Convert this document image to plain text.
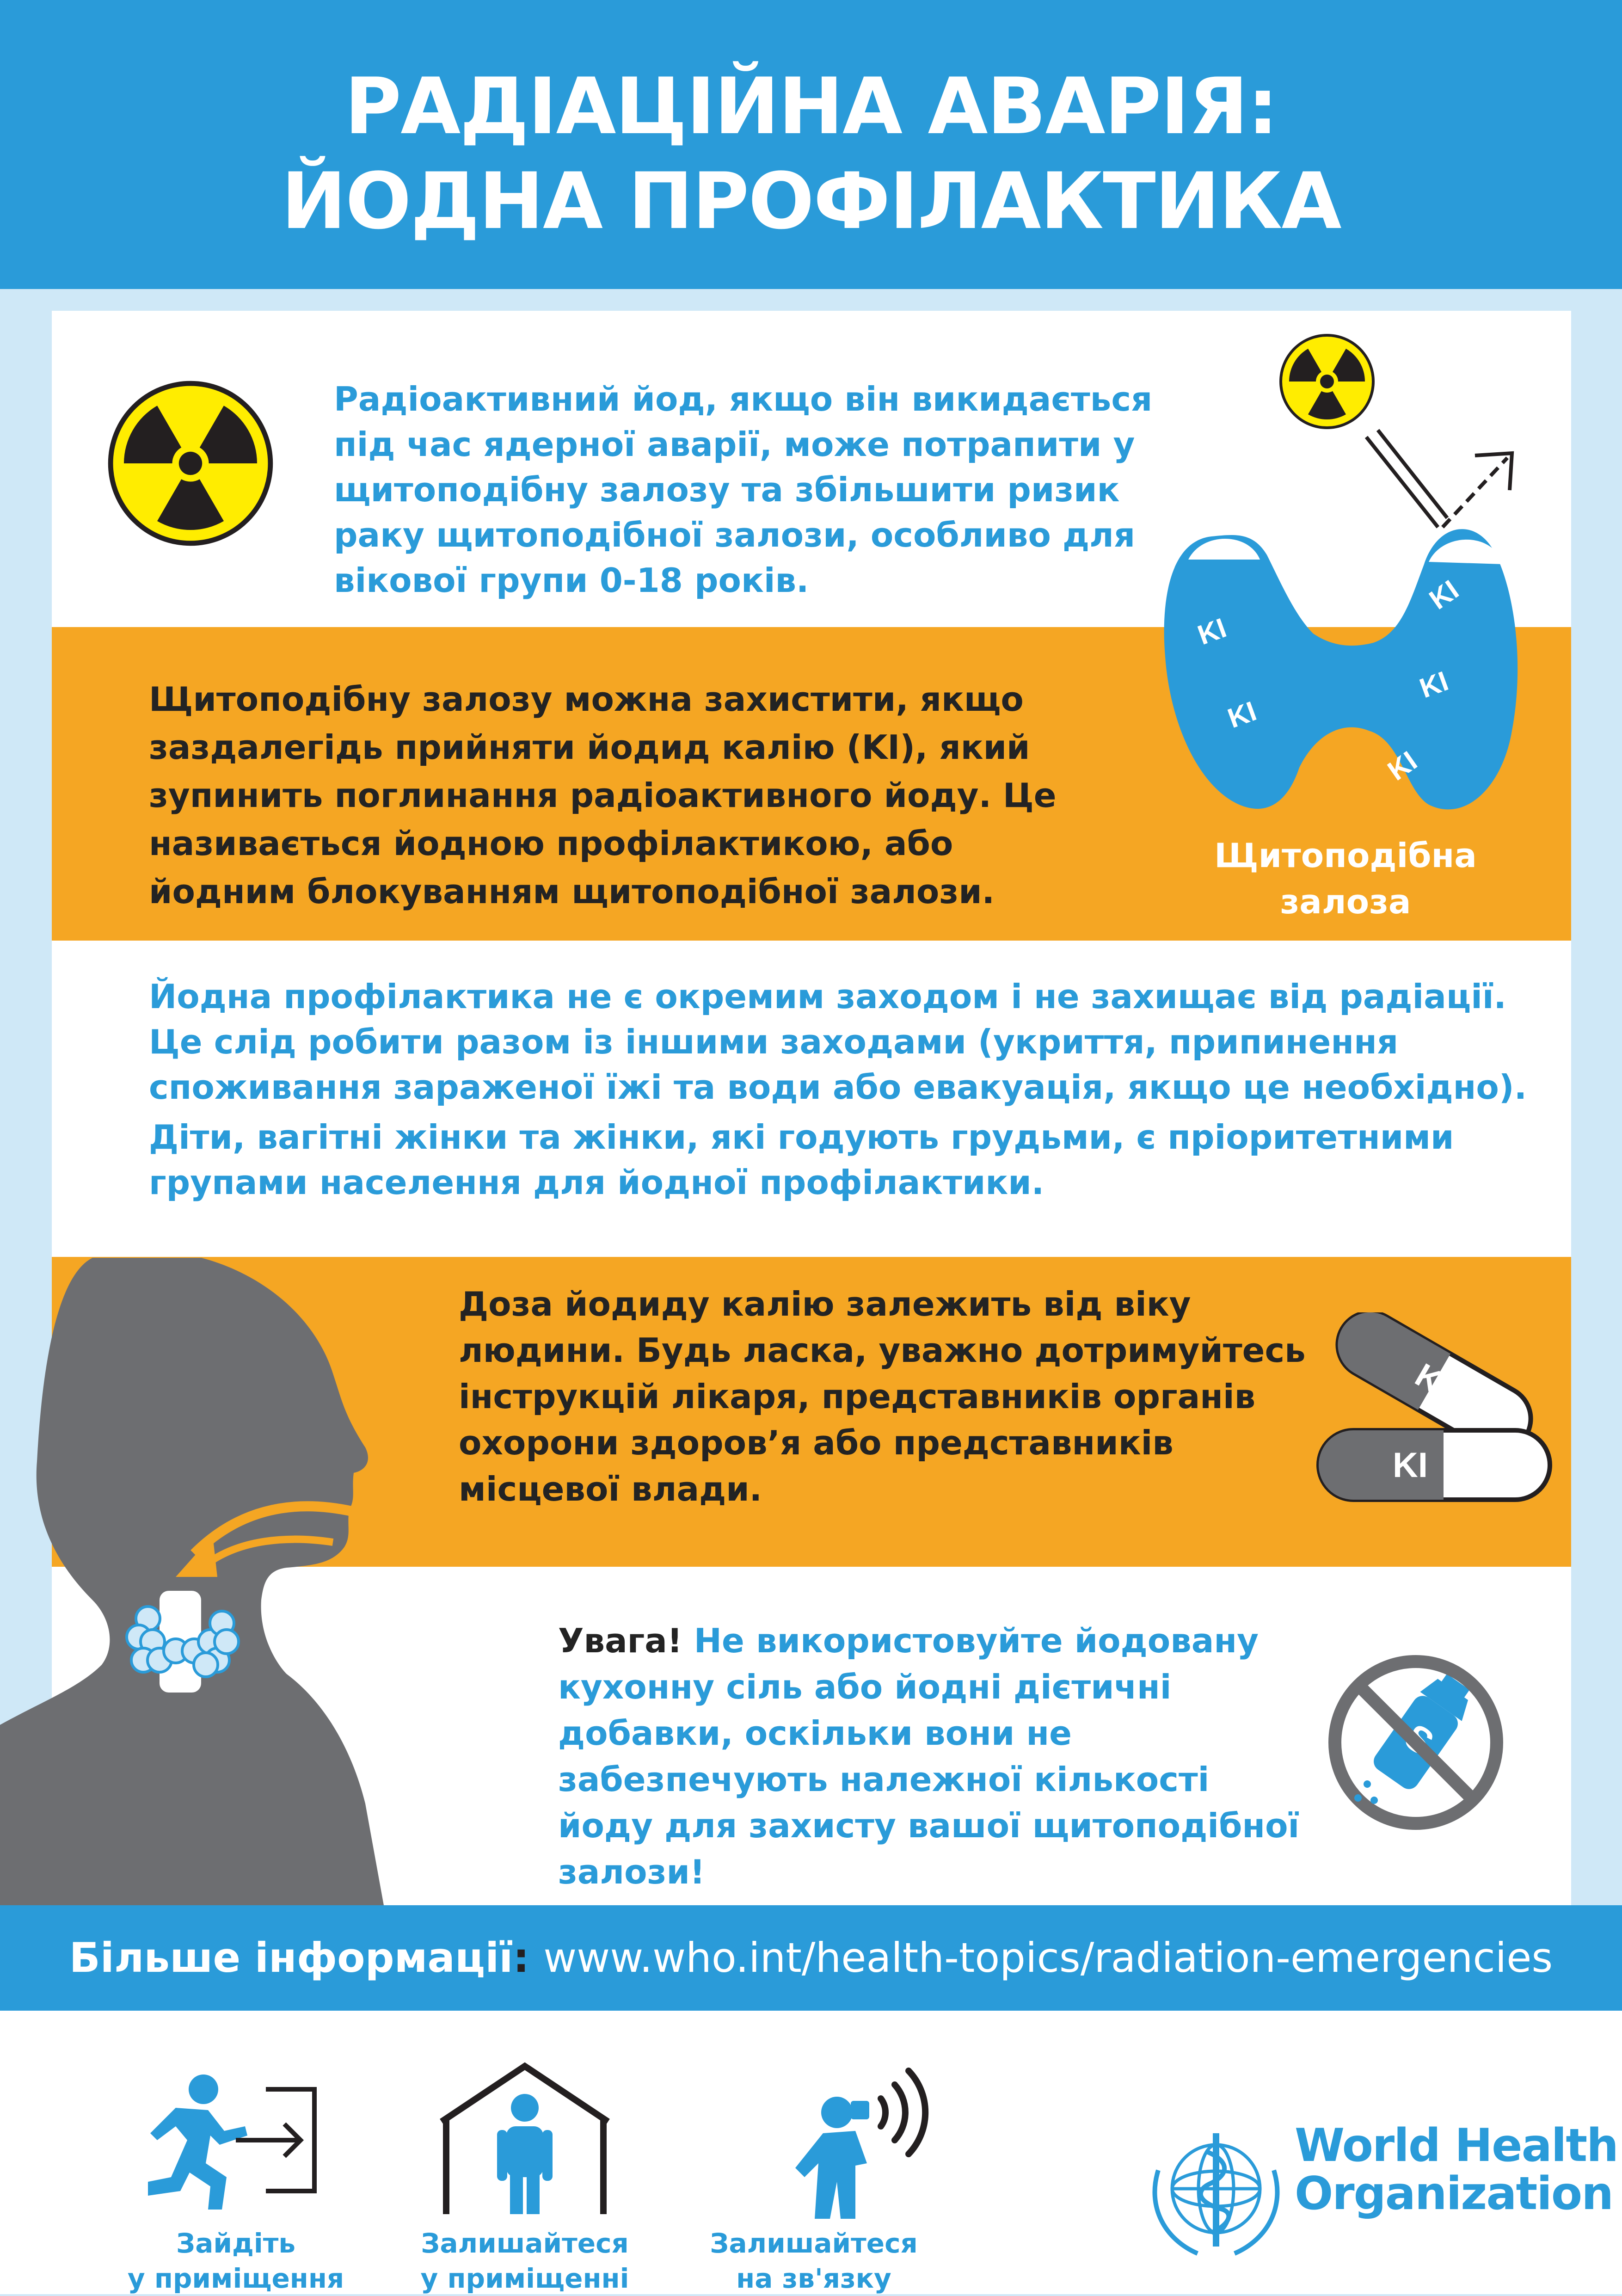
РАДІАЦІЙНА АВАРІЯ:
ЙОДНА ПРОФІЛАКТИКА
Радіоактивний йод, якщо він викидається
під час ядерної аварії, може потрапити у
щитоподібну залозу та збільшити ризик
раку щитоподібної залози, особливо для
вікової групи 0-18 років.
Щитоподібну залозу можна захистити, якщо
заздалегідь прийняти йодид калію (KI), який
зупинить поглинання радіоактивного йоду. Це
називається йодною профілактикою, або
йодним блокуванням щитоподібної залози.
KI
KI
KI
KI
KI
Щитоподібна
залоза
Йодна профілактика не є окремим заходом і не захищає від радіації.
Це слід робити разом із іншими заходами (укриття, припинення
споживання зараженої їжі та води або евакуація, якщо це необхідно).
Діти, вагітні жінки та жінки, які годують грудьми, є пріоритетними
групами населення для йодної профілактики.
Доза йодиду калію залежить від віку
людини. Будь ласка, уважно дотримуйтесь
інструкцій лікаря, представників органів
охорони здоров’я або представників
місцевої влади.
KI
KI
Увага! Не використовуйте йодовану
кухонну сіль або йодні дієтичні
добавки, оскільки вони не
забезпечують належної кількості
йоду для захисту вашої щитоподібної
залози!
Більше інформації: www.who.int/health-topics/radiation-emergencies
Зайдіть
у приміщення
Залишайтеся
у приміщенні
Залишайтеся
на зв'язку
World Health
Organization
